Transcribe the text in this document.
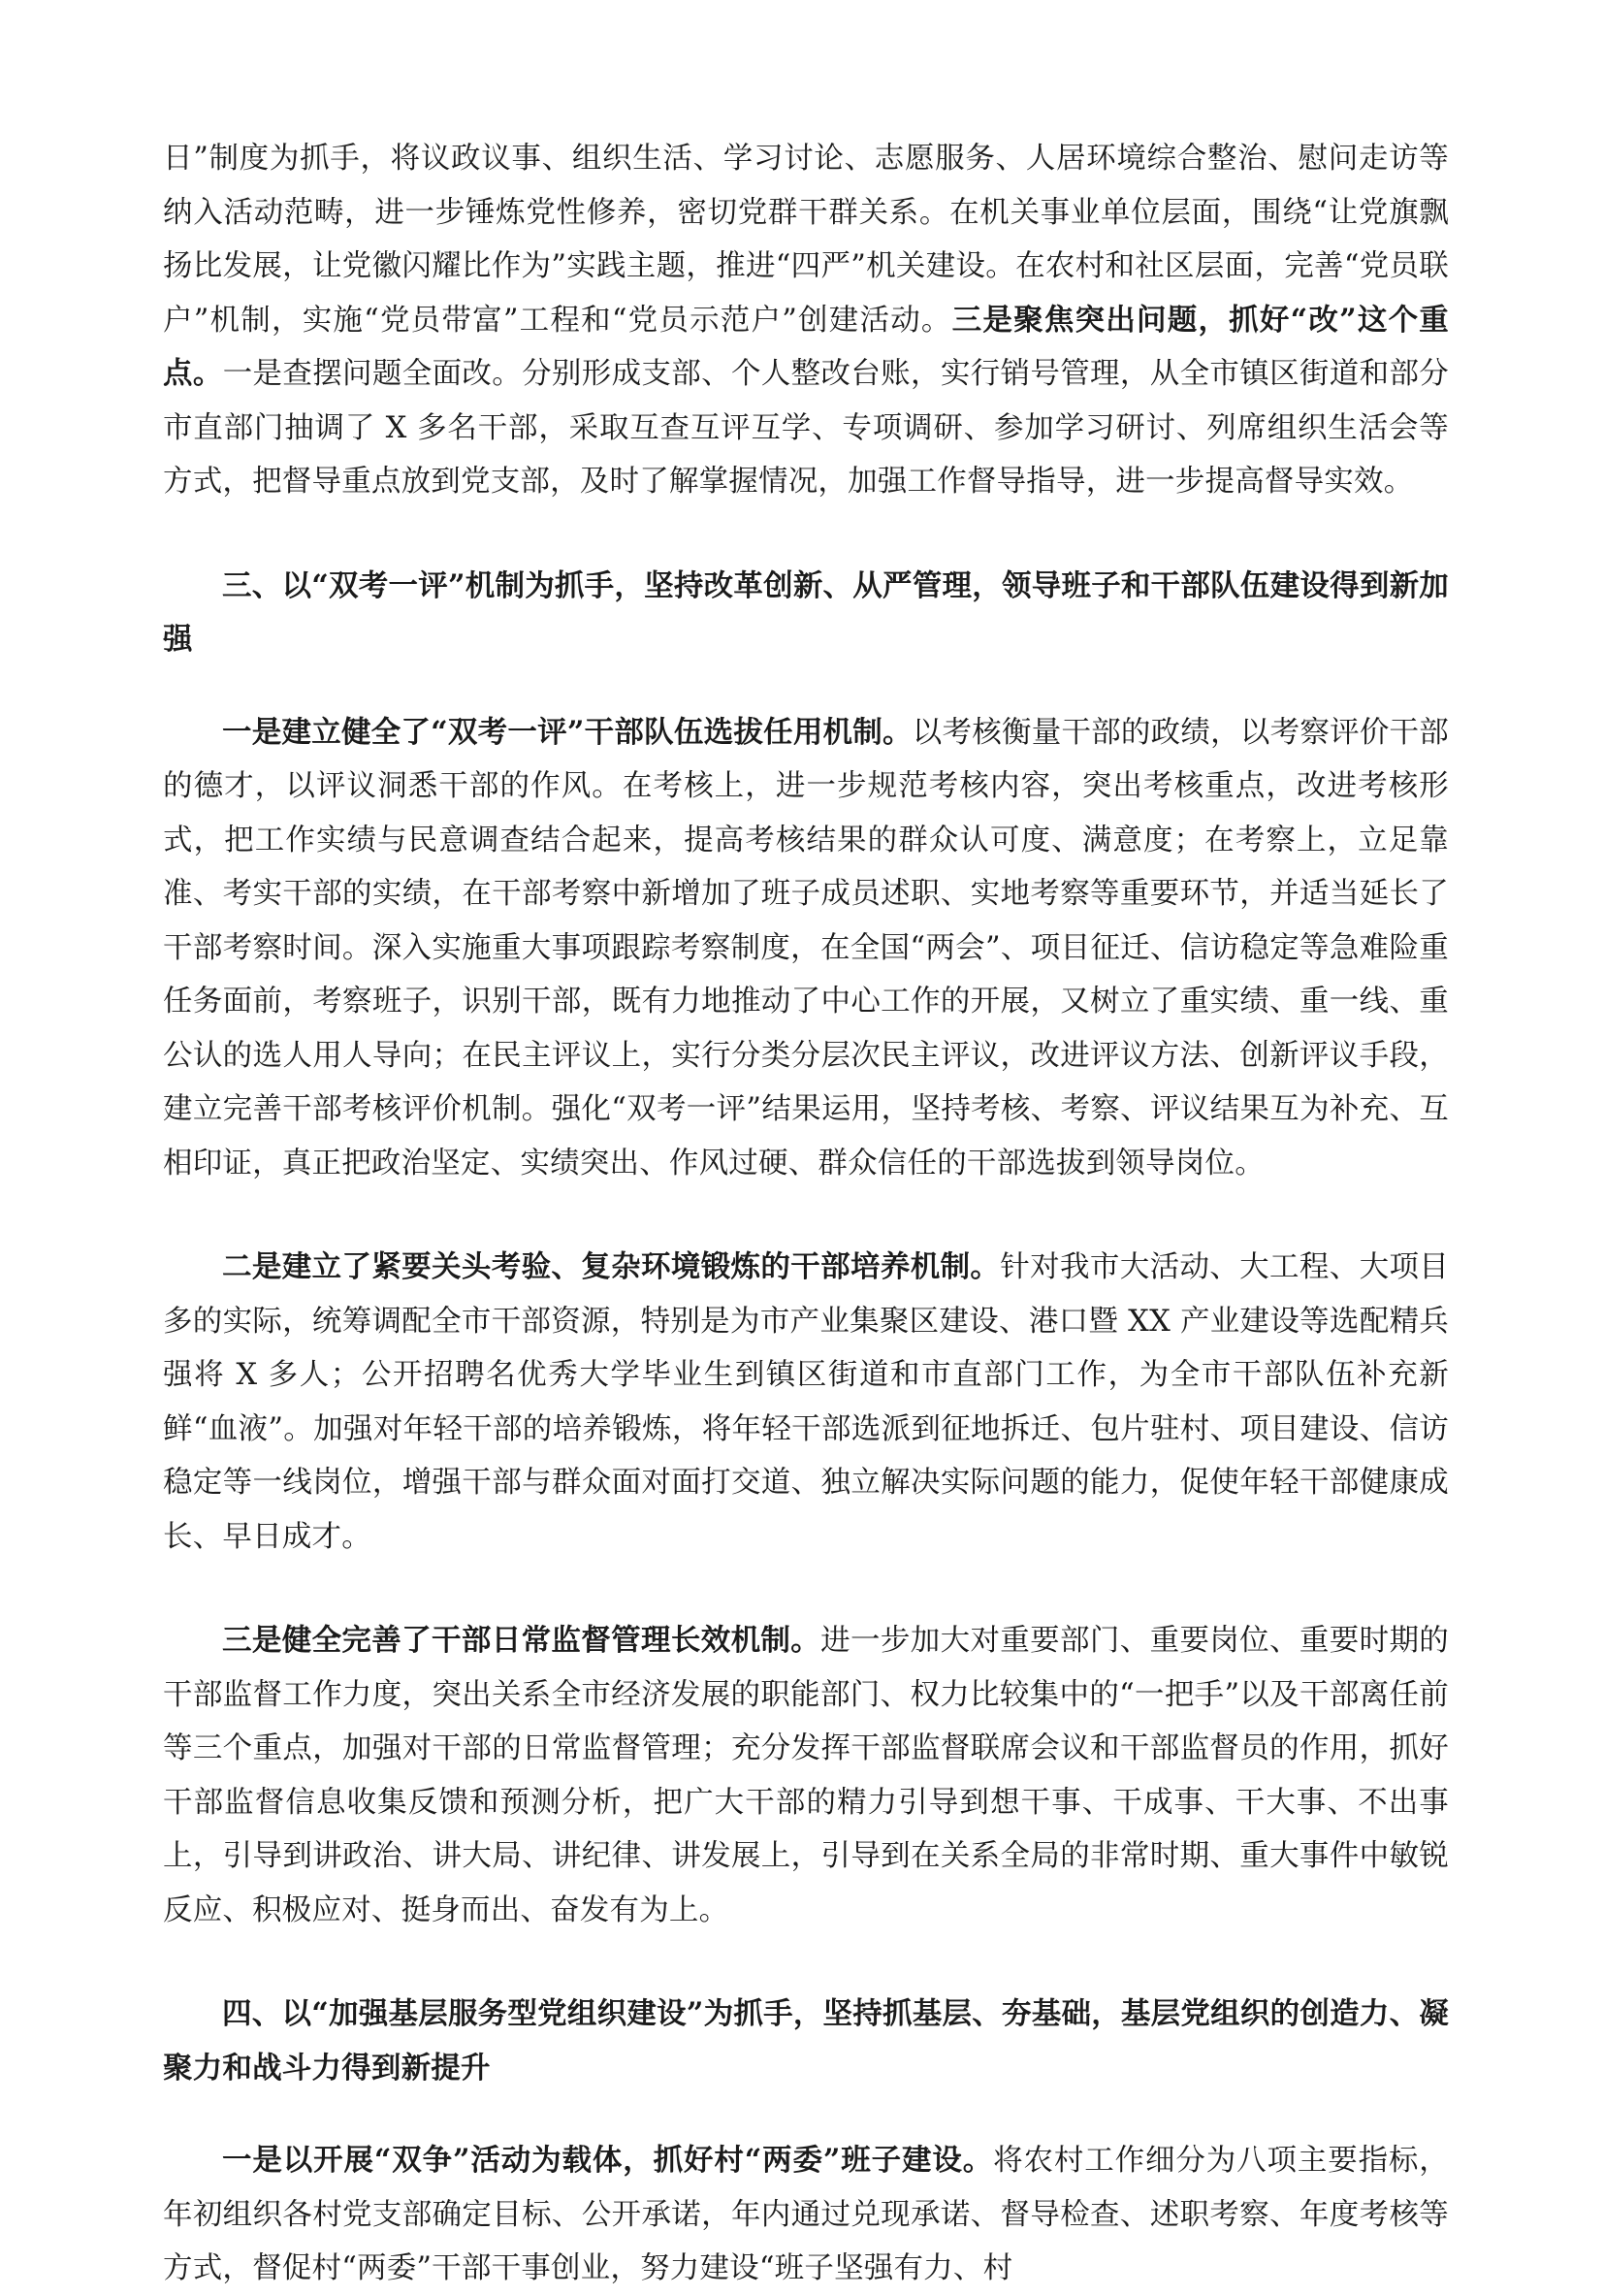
日”制度为抓手，将议政议事、组织生活、学习讨论、志愿服务、人居环境综合整治、慰问走访等纳入活动范畴，进一步锤炼党性修养，密切党群干群关系。在机关事业单位层面，围绕“让党旗飘扬比发展，让党徽闪耀比作为”实践主题，推进“四严”机关建设。在农村和社区层面，完善“党员联户”机制，实施“党员带富”工程和“党员示范户”创建活动。三是聚焦突出问题，抓好“改”这个重点。一是查摆问题全面改。分别形成支部、个人整改台账，实行销号管理，从全市镇区街道和部分市直部门抽调了 X 多名干部，采取互查互评互学、专项调研、参加学习研讨、列席组织生活会等方式，把督导重点放到党支部，及时了解掌握情况，加强工作督导指导，进一步提高督导实效。

三、以“双考一评”机制为抓手，坚持改革创新、从严管理，领导班子和干部队伍建设得到新加强

一是建立健全了“双考一评”干部队伍选拔任用机制。以考核衡量干部的政绩，以考察评价干部的德才，以评议洞悉干部的作风。在考核上，进一步规范考核内容，突出考核重点，改进考核形式，把工作实绩与民意调查结合起来，提高考核结果的群众认可度、满意度；在考察上，立足靠准、考实干部的实绩，在干部考察中新增加了班子成员述职、实地考察等重要环节，并适当延长了干部考察时间。深入实施重大事项跟踪考察制度，在全国“两会”、项目征迁、信访稳定等急难险重任务面前，考察班子，识别干部，既有力地推动了中心工作的开展，又树立了重实绩、重一线、重公认的选人用人导向；在民主评议上，实行分类分层次民主评议，改进评议方法、创新评议手段，建立完善干部考核评价机制。强化“双考一评”结果运用，坚持考核、考察、评议结果互为补充、互相印证，真正把政治坚定、实绩突出、作风过硬、群众信任的干部选拔到领导岗位。

二是建立了紧要关头考验、复杂环境锻炼的干部培养机制。针对我市大活动、大工程、大项目多的实际，统筹调配全市干部资源，特别是为市产业集聚区建设、港口暨 XX 产业建设等选配精兵强将 X 多人；公开招聘名优秀大学毕业生到镇区街道和市直部门工作，为全市干部队伍补充新鲜“血液”。加强对年轻干部的培养锻炼，将年轻干部选派到征地拆迁、包片驻村、项目建设、信访稳定等一线岗位，增强干部与群众面对面打交道、独立解决实际问题的能力，促使年轻干部健康成长、早日成才。

三是健全完善了干部日常监督管理长效机制。进一步加大对重要部门、重要岗位、重要时期的干部监督工作力度，突出关系全市经济发展的职能部门、权力比较集中的“一把手”以及干部离任前等三个重点，加强对干部的日常监督管理；充分发挥干部监督联席会议和干部监督员的作用，抓好干部监督信息收集反馈和预测分析，把广大干部的精力引导到想干事、干成事、干大事、不出事上，引导到讲政治、讲大局、讲纪律、讲发展上，引导到在关系全局的非常时期、重大事件中敏锐反应、积极应对、挺身而出、奋发有为上。

四、以“加强基层服务型党组织建设”为抓手，坚持抓基层、夯基础，基层党组织的创造力、凝聚力和战斗力得到新提升

一是以开展“双争”活动为载体，抓好村“两委”班子建设。将农村工作细分为八项主要指标，年初组织各村党支部确定目标、公开承诺，年内通过兑现承诺、督导检查、述职考察、年度考核等方式，督促村“两委”干部干事创业，努力建设“班子坚强有力、村
